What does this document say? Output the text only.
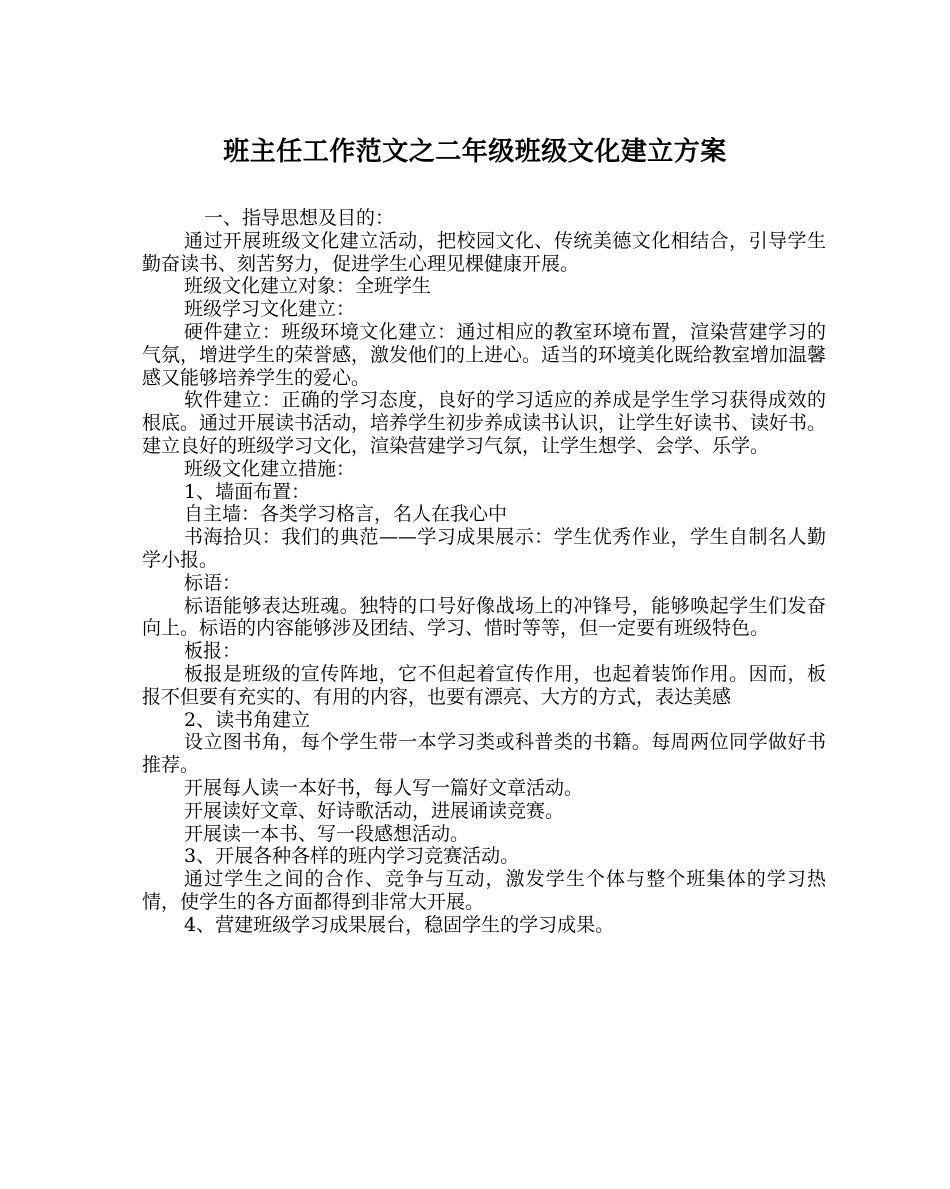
班主任工作范文之二年级班级文化建立方案

一、指导思想及目的：

通过开展班级文化建立活动，把校园文化、传统美德文化相结合，引导学生勤奋读书、刻苦努力，促进学生心理见棵健康开展。

班级文化建立对象：全班学生

班级学习文化建立：

硬件建立：班级环境文化建立：通过相应的教室环境布置，渲染营建学习的气氛，增进学生的荣誉感，激发他们的上进心。适当的环境美化既给教室增加温馨感又能够培养学生的爱心。

软件建立：正确的学习态度，良好的学习适应的养成是学生学习获得成效的根底。通过开展读书活动，培养学生初步养成读书认识，让学生好读书、读好书。建立良好的班级学习文化，渲染营建学习气氛，让学生想学、会学、乐学。

班级文化建立措施：

1、墙面布置：

自主墙：各类学习格言，名人在我心中

书海拾贝：我们的典范——学习成果展示：学生优秀作业，学生自制名人勤学小报。

标语：

标语能够表达班魂。独特的口号好像战场上的冲锋号，能够唤起学生们发奋向上。标语的内容能够涉及团结、学习、惜时等等，但一定要有班级特色。

板报：

板报是班级的宣传阵地，它不但起着宣传作用，也起着装饰作用。因而，板报不但要有充实的、有用的内容，也要有漂亮、大方的方式，表达美感

2、读书角建立

设立图书角，每个学生带一本学习类或科普类的书籍。每周两位同学做好书推荐。

开展每人读一本好书，每人写一篇好文章活动。

开展读好文章、好诗歌活动，进展诵读竞赛。

开展读一本书、写一段感想活动。

3、开展各种各样的班内学习竞赛活动。

通过学生之间的合作、竞争与互动，激发学生个体与整个班集体的学习热情，使学生的各方面都得到非常大开展。

4、营建班级学习成果展台，稳固学生的学习成果。
